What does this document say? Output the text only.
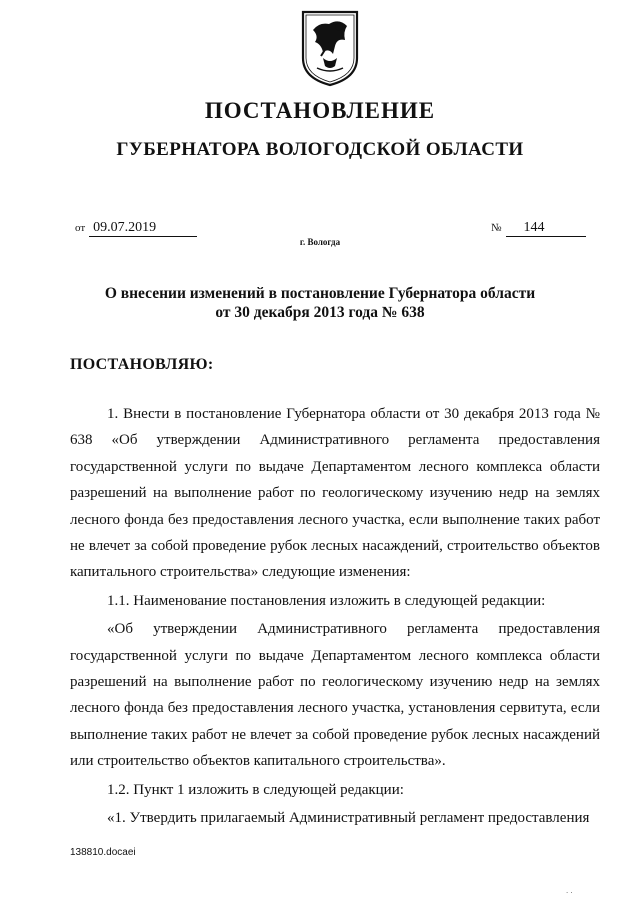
ПОСТАНОВЛЕНИЕ
ГУБЕРНАТОРА ВОЛОГОДСКОЙ ОБЛАСТИ
от 09.07.2019	№ 144
г. Вологда
О внесении изменений в постановление Губернатора области
от 30 декабря 2013 года № 638
ПОСТАНОВЛЯЮ:

1. Внести в постановление Губернатора области от 30 декабря 2013 года № 638 «Об утверждении Административного регламента предоставления государственной услуги по выдаче Департаментом лесного комплекса области разрешений на выполнение работ по геологическому изучению недр на землях лесного фонда без предоставления лесного участка, если выполнение таких работ не влечет за собой проведение рубок лесных насаждений, строительство объектов капитального строительства» следующие изменения:

1.1. Наименование постановления изложить в следующей редакции:

«Об утверждении Административного регламента предоставления государственной услуги по выдаче Департаментом лесного комплекса области разрешений на выполнение работ по геологическому изучению недр на землях лесного фонда без предоставления лесного участка, установления сервитута, если выполнение таких работ не влечет за собой проведение рубок лесных насаждений или строительство объектов капитального строительства».

1.2. Пункт 1 изложить в следующей редакции:

«1. Утвердить прилагаемый Административный регламент предоставления

138810.docaei
. .
